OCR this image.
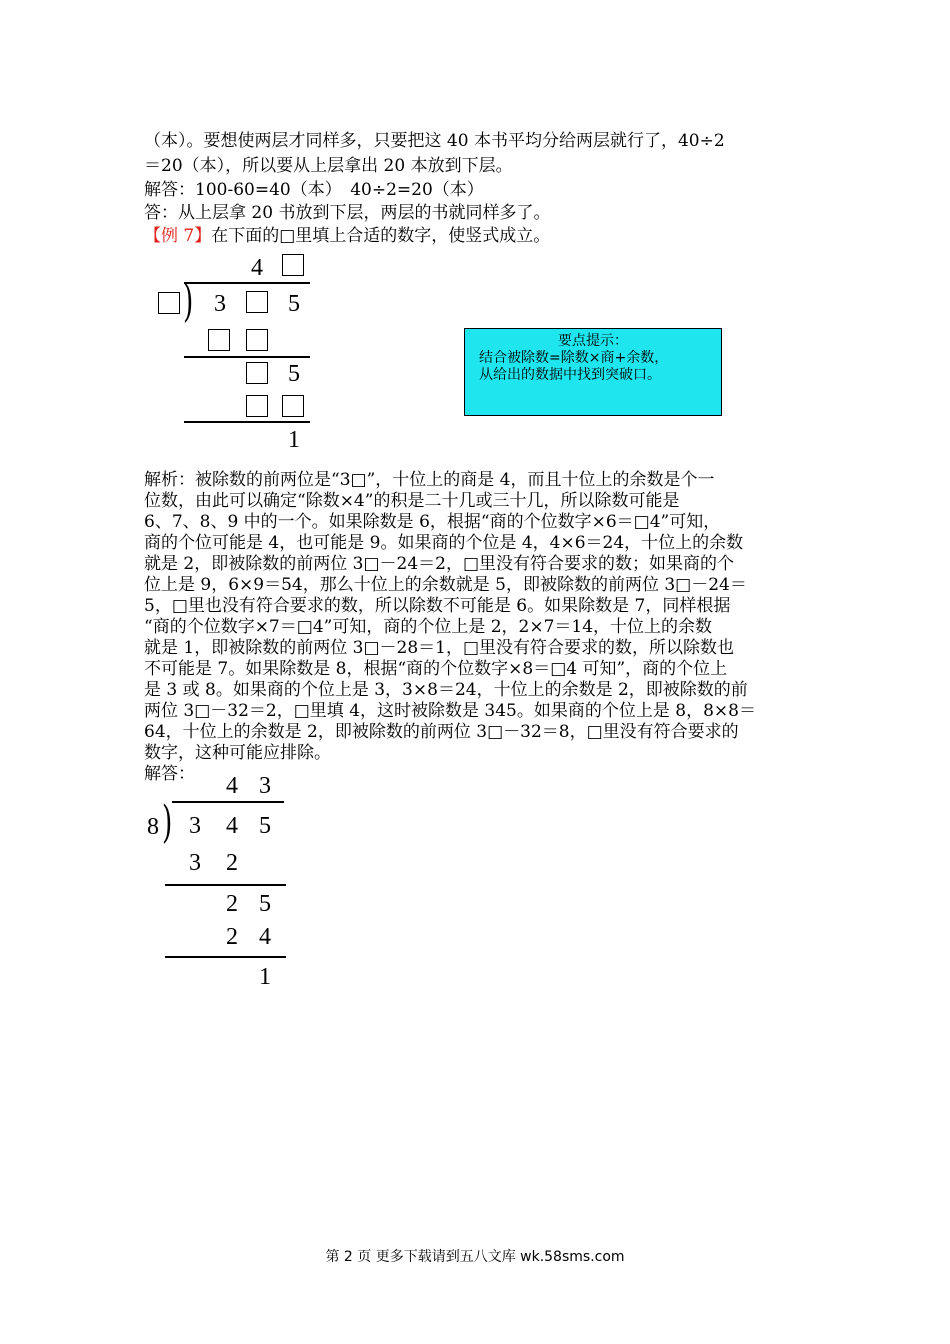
（本）。要想使两层才同样多，只要把这 40 本书平均分给两层就行了，40÷2
＝20（本），所以要从上层拿出 20 本放到下层。
解答：100-60=40（本）　40÷2=20（本）
答：从上层拿 20 书放到下层，两层的书就同样多了。
【例 7】在下面的□里填上合适的数字，使竖式成立。
4
) 3	5
5
1
要点提示：
结合被除数=除数×商+余数，
从给出的数据中找到突破口。
解析：被除数的前两位是“3□”，十位上的商是 4，而且十位上的余数是个一
位数，由此可以确定“除数×4”的积是二十几或三十几，所以除数可能是
6、7、8、9 中的一个。如果除数是 6，根据“商的个位数字×6＝□4”可知，
商的个位可能是 4，也可能是 9。如果商的个位是 4，4×6＝24，十位上的余数
就是 2，即被除数的前两位 3□－24＝2，□里没有符合要求的数；如果商的个
位上是 9，6×9＝54，那么十位上的余数就是 5，即被除数的前两位 3□－24＝
5，□里也没有符合要求的数，所以除数不可能是 6。如果除数是 7，同样根据
“商的个位数字×7＝□4”可知，商的个位上是 2，2×7＝14，十位上的余数
就是 1，即被除数的前两位 3□－28＝1，□里没有符合要求的数，所以除数也
不可能是 7。如果除数是 8，根据“商的个位数字×8＝□4 可知”，商的个位上
是 3 或 8。如果商的个位上是 3，3×8＝24，十位上的余数是 2，即被除数的前
两位 3□－32＝2，□里填 4，这时被除数是 345。如果商的个位上是 8，8×8＝
64，十位上的余数是 2，即被除数的前两位 3□－32＝8，□里没有符合要求的
数字，这种可能应排除。
解答：	4 3
8 ) 3 4 5
3 2
2 5
2 4
1
第 2 页 更多下载请到五八文库 wk.58sms.com
